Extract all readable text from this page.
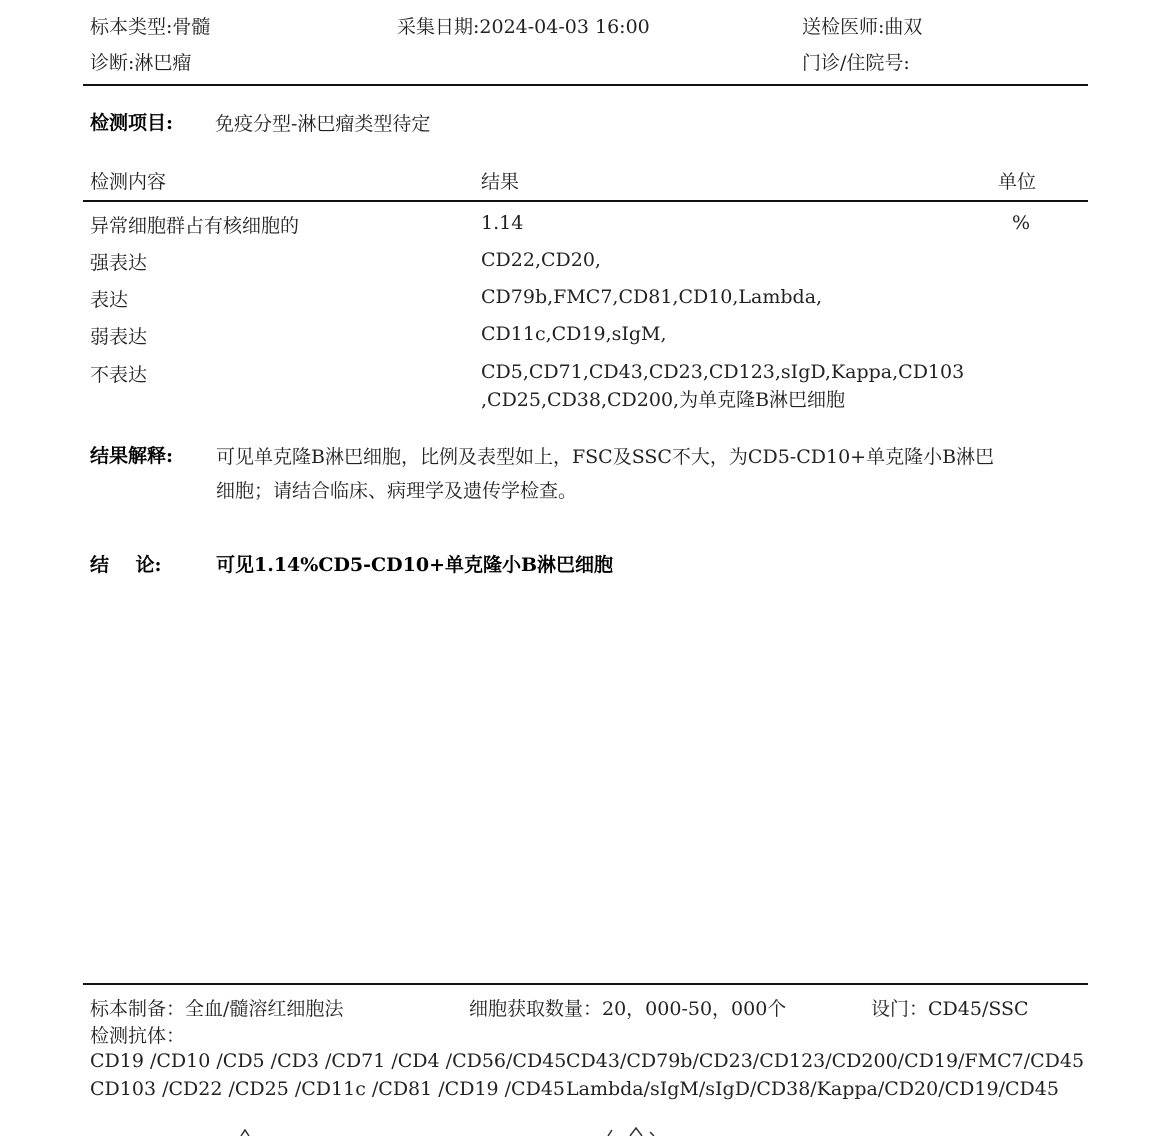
标本类型:骨髓	采集日期:2024-04-03 16:00	送检医师:曲双
诊断:淋巴瘤	门诊/住院号:
检测项目: 免疫分型-淋巴瘤类型待定
检测内容	结果	单位
异常细胞群占有核细胞的	1.14	%
强表达	CD22,CD20,
表达	CD79b,FMC7,CD81,CD10,Lambda,
弱表达	CD11c,CD19,sIgM,
不表达	CD5,CD71,CD43,CD23,CD123,sIgD,Kappa,CD103
,CD25,CD38,CD200,为单克隆B淋巴细胞
结果解释: 可见单克隆B淋巴细胞，比例及表型如上，FSC及SSC不大，为CD5-CD10+单克隆小B淋巴
细胞；请结合临床、病理学及遗传学检查。
结    论:	可见1.14%CD5-CD10+单克隆小B淋巴细胞
标本制备：全血/髓溶红细胞法	细胞获取数量：20，000-50，000个	设门：CD45/SSC
检测抗体：
CD19 /CD10 /CD5 /CD3 /CD71 /CD4 /CD56/CD45 CD43/CD79b/CD23/CD123/CD200/CD19/FMC7/CD45
CD103 /CD22 /CD25 /CD11c /CD81 /CD19 /CD45 Lambda/sIgM/sIgD/CD38/Kappa/CD20/CD19/CD45
